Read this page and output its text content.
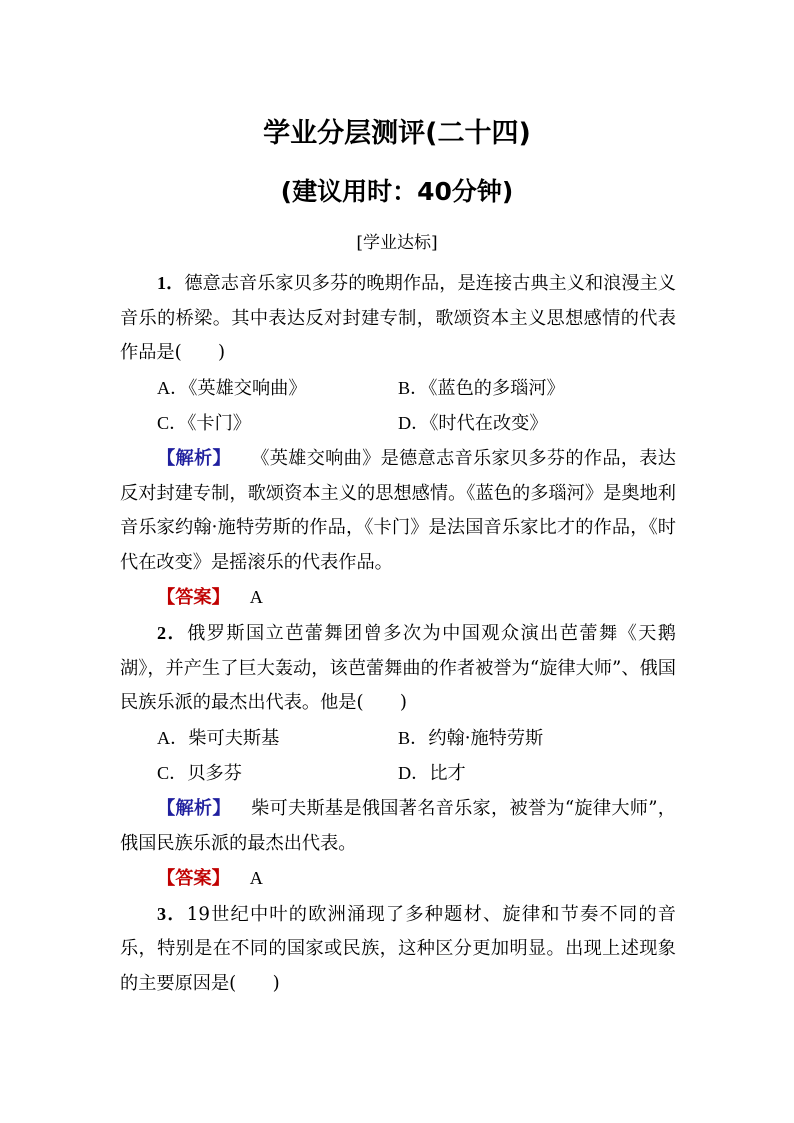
学业分层测评(二十四)
(建议用时：40分钟)
[学业达标]

1．德意志音乐家贝多芬的晚期作品，是连接古典主义和浪漫主义音乐的桥梁。其中表达反对封建专制，歌颂资本主义思想感情的代表作品是(　　)

A．《英雄交响曲》	B．《蓝色的多瑙河》
C．《卡门》	D．《时代在改变》

【解析】 《英雄交响曲》是德意志音乐家贝多芬的作品，表达反对封建专制，歌颂资本主义的思想感情。《蓝色的多瑙河》是奥地利音乐家约翰·施特劳斯的作品，《卡门》是法国音乐家比才的作品，《时代在改变》是摇滚乐的代表作品。

【答案】 A

2．俄罗斯国立芭蕾舞团曾多次为中国观众演出芭蕾舞《天鹅湖》，并产生了巨大轰动，该芭蕾舞曲的作者被誉为“旋律大师”、俄国民族乐派的最杰出代表。他是(　　)

A．柴可夫斯基	B．约翰·施特劳斯
C．贝多芬	D．比才

【解析】 柴可夫斯基是俄国著名音乐家，被誉为“旋律大师”，俄国民族乐派的最杰出代表。

【答案】 A

3．19世纪中叶的欧洲涌现了多种题材、旋律和节奏不同的音乐，特别是在不同的国家或民族，这种区分更加明显。出现上述现象的主要原因是(　　)
